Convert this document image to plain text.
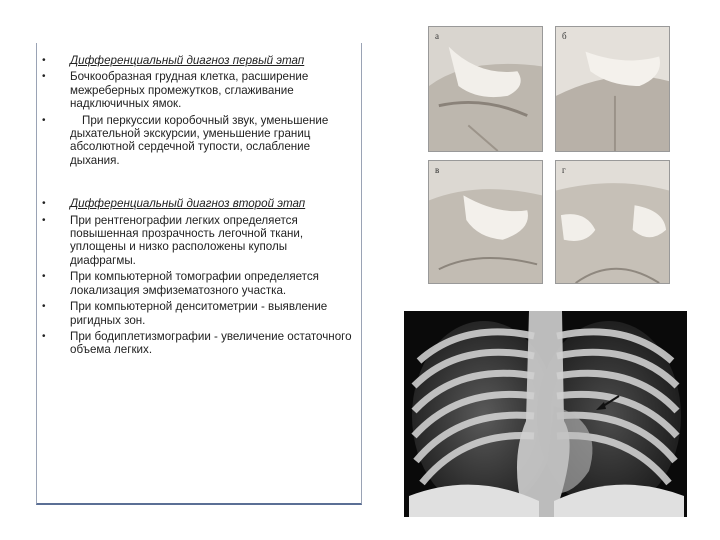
• Дифференциальный диагноз первый этап
• Бочкообразная грудная клетка, расширение межреберных промежутков, сглаживание надключичных ямок.
• При перкуссии коробочный звук, уменьшение дыхательной экскурсии, уменьшение границ абсолютной сердечной тупости, ослабление дыхания.
• Дифференциальный диагноз второй этап
• При рентгенографии легких определяется повышенная прозрачность легочной ткани, уплощены и низко расположены куполы диафрагмы.
• При компьютерной томографии определяется локализация эмфизематозного участка.
• При компьютерной денситометрии - выявление ригидных зон.
• При бодиплетизмографии - увеличение остаточного объема легких.
а	б
в	г
